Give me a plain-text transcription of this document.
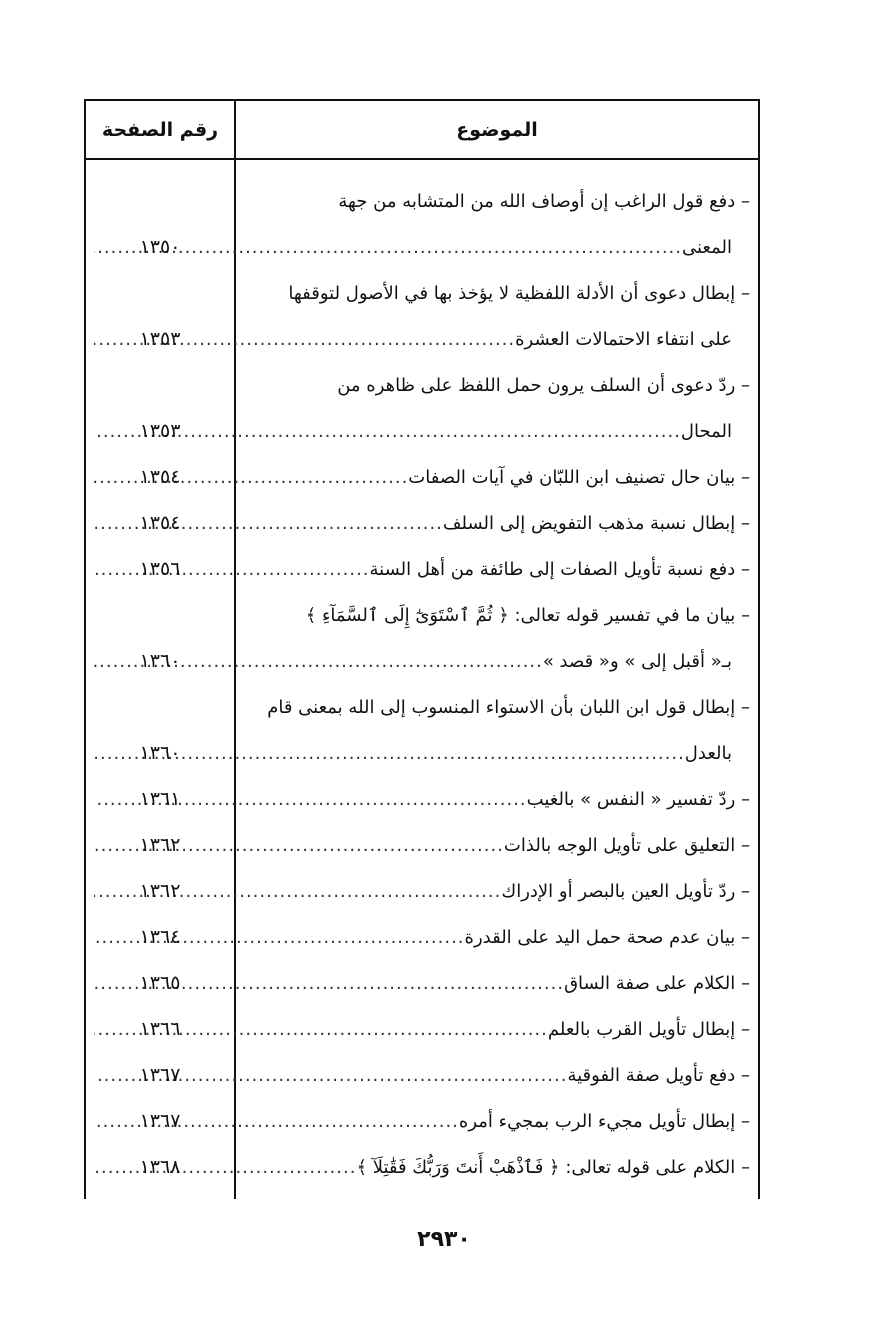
رقم الصفحة	الموضوع
– دفع قول الراغب إن أوصاف الله من المتشابه من جهة
المعنى
.....
١٣٥٠
– إبطال دعوى أن الأدلة اللفظية لا يؤخذ بها في الأصول لتوقفها
على انتفاء الاحتمالات العشرة
.....
١٣٥٣
– ردّ دعوى أن السلف يرون حمل اللفظ على ظاهره من
المحال
.....
١٣٥٣
– بيان حال تصنيف ابن اللبّان في آيات الصفات
.....
١٣٥٤
– إبطال نسبة مذهب التفويض إلى السلف
.....
١٣٥٤
– دفع نسبة تأويل الصفات إلى طائفة من أهل السنة
.....
١٣٥٦
– بيان ما في تفسير قوله تعالى: ﴿ ثُمَّ ٱسْتَوَىٰٓ إِلَى ٱلسَّمَآءِ ﴾
بـ« أقبل إلى » و« قصد »
.....
١٣٦٠
– إبطال قول ابن اللبان بأن الاستواء المنسوب إلى الله بمعنى قام
بالعدل
.....
١٣٦٠
– ردّ تفسير « النفس » بالغيب
.....
١٣٦١
– التعليق على تأويل الوجه بالذات
.....
١٣٦٢
– ردّ تأويل العين بالبصر أو الإدراك
.....
١٣٦٢
– بيان عدم صحة حمل اليد على القدرة
.....
١٣٦٤
– الكلام على صفة الساق
.....
١٣٦٥
– إبطال تأويل القرب بالعلم
.....
١٣٦٦
– دفع تأويل صفة الفوقية
.....
١٣٦٧
– إبطال تأويل مجيء الرب بمجيء أمره
.....
١٣٦٧
– الكلام على قوله تعالى: ﴿ فَٱذْهَبْ أَنتَ وَرَبُّكَ فَقَٰتِلَآ ﴾
.....
١٣٦٨
٢٩٣٠
